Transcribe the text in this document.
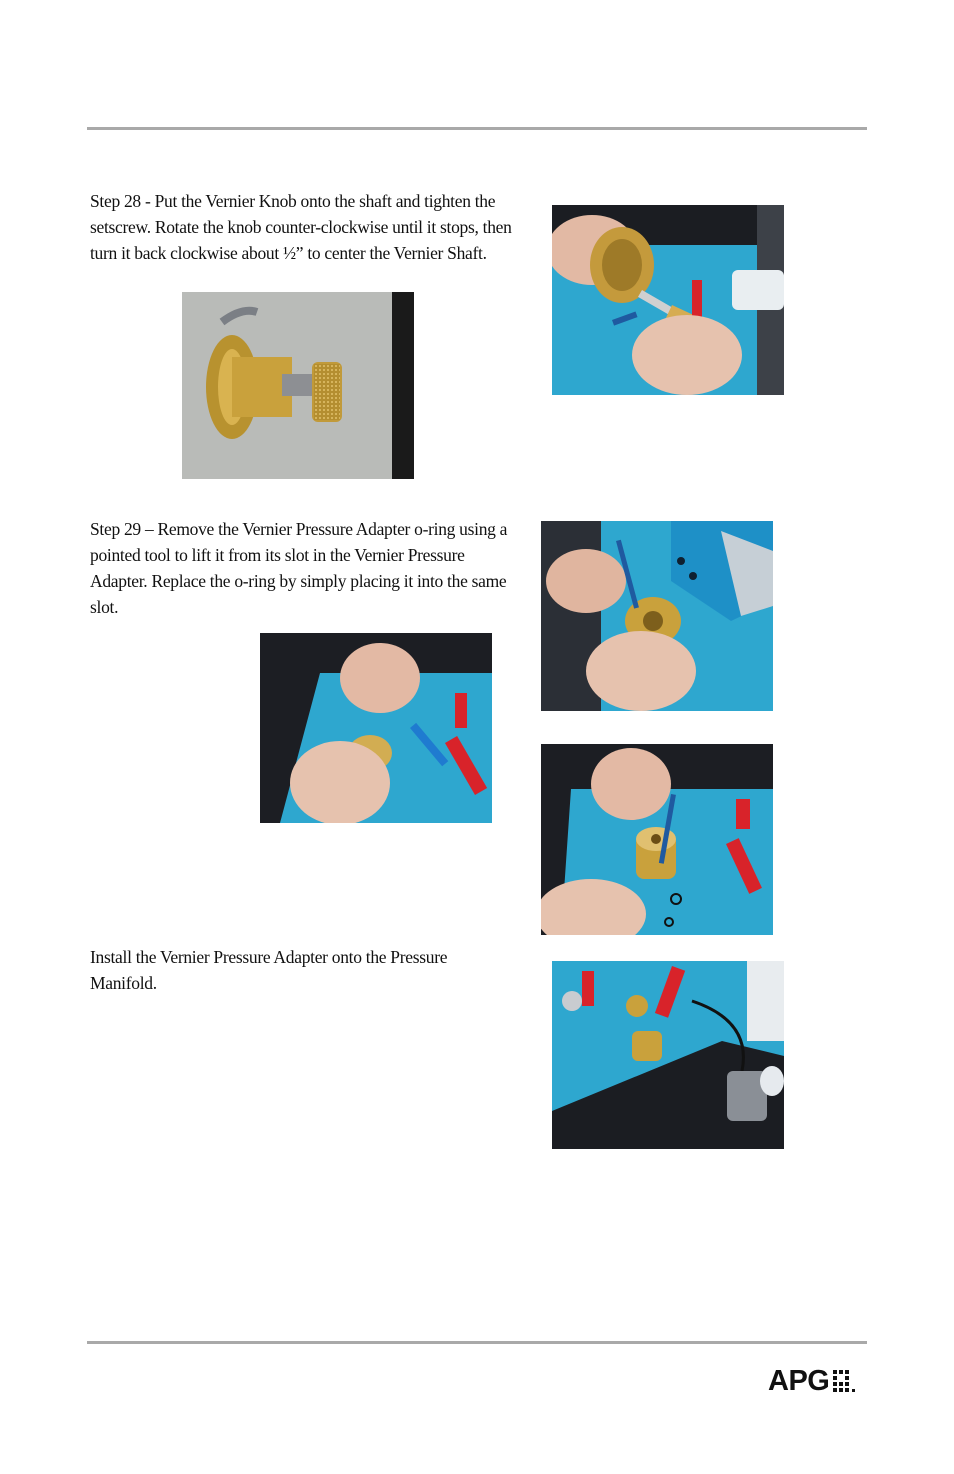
Step 28 - Put the Vernier Knob onto the shaft and tighten the setscrew. Rotate the knob counter-clockwise until it stops, then turn it back clockwise about ½” to center the Vernier Shaft.

Step 29 – Remove the Vernier Pressure Adapter o-ring using a pointed tool to lift it from its slot in the Vernier Pressure Adapter. Replace the o-ring by simply placing it into the same slot.

Install the Vernier Pressure Adapter onto the Pressure Manifold.

APG
